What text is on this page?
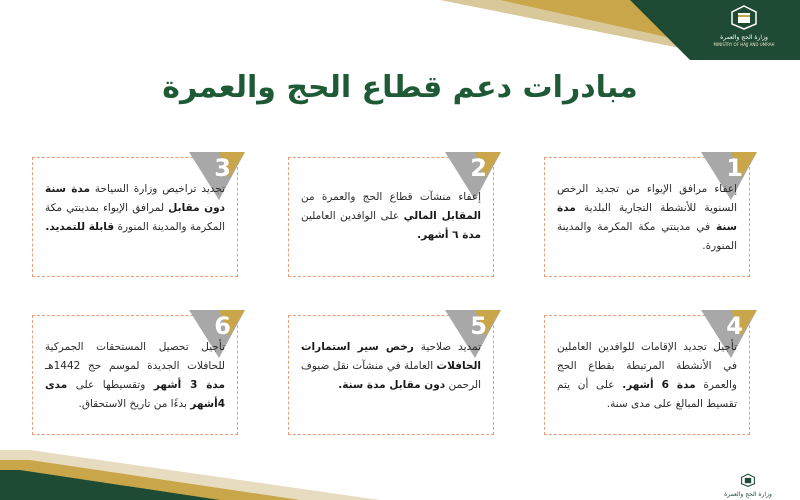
وزارة الحج والعمرة
MINISTRY OF HAJJ AND UMRAH
مبادرات دعم قطاع الحج والعمرة
1
إعفاء مرافق الإيواء من تجديد الرخص السنوية للأنشطة التجارية البلدية مدة سنة في مدينتي مكة المكرمة والمدينة المنورة.
2
إعفاء منشآت قطاع الحج والعمرة من المقابل المالي على الوافدين العاملين مدة ٦ أشهر.
3
تجديد تراخيص وزارة السياحة مدة سنة دون مقابل لمرافق الإيواء بمدينتي مكة المكرمة والمدينة المنورة قابلة للتمديد.
4
تأجيل تجديد الإقامات للوافدين العاملين في الأنشطة المرتبطة بقطاع الحج والعمرة مدة 6 أشهر. على أن يتم تقسيط المبالغ على مدى سنة.
5
تمديد صلاحية رخص سير استمارات الحافلات العاملة في منشآت نقل ضيوف الرحمن دون مقابل مدة سنة.
6
تأجيل تحصيل المستحقات الجمركية للحافلات الجديدة لموسم حج 1442هـ مدة 3 أشهر وتقسيطها على مدى 4أشهر بدءًا من تاريخ الاستحقاق.
وزارة الحج والعمرة
